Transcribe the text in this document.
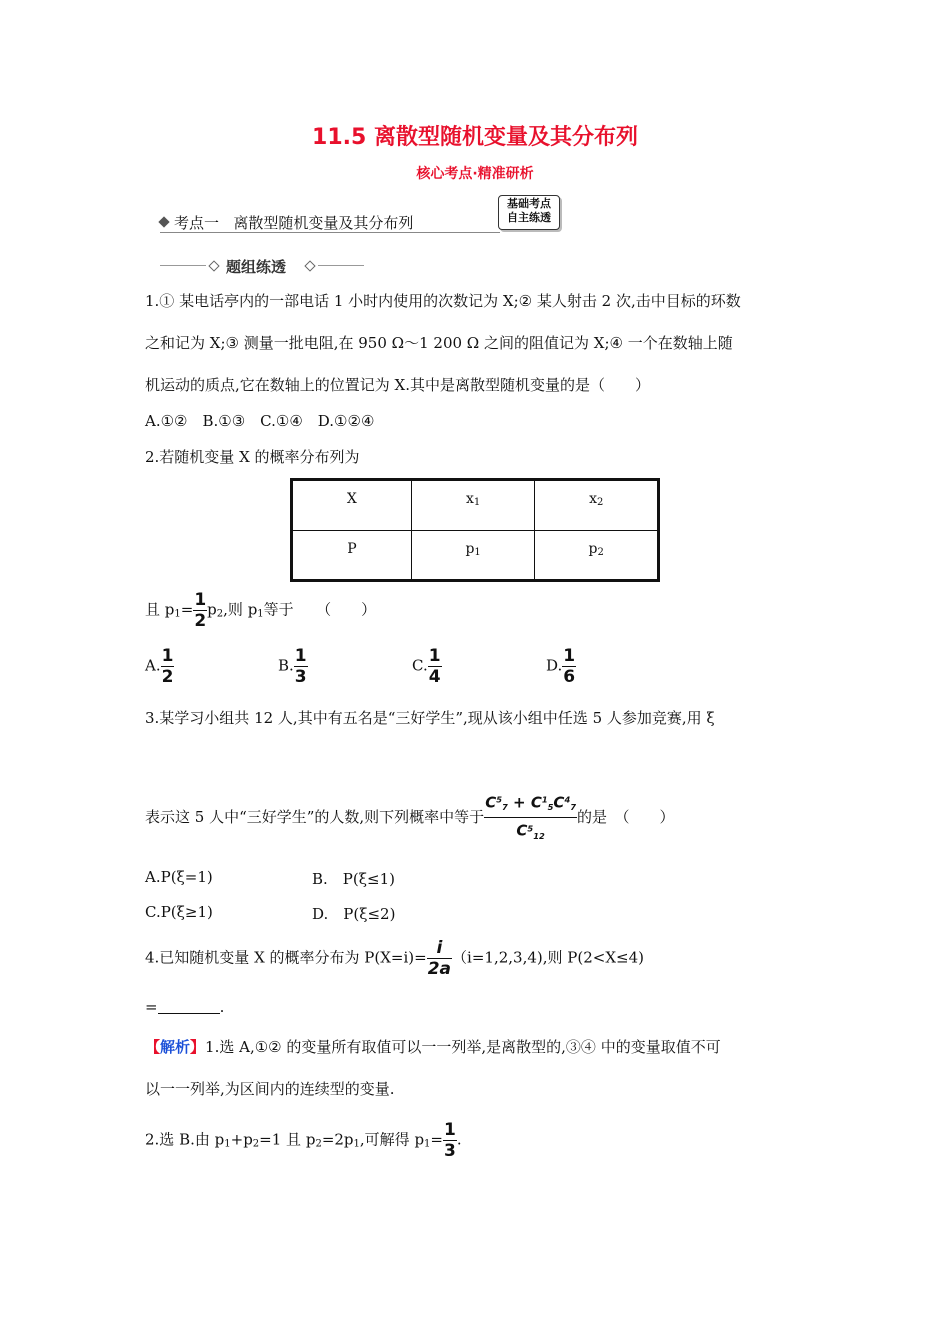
11.5 离散型随机变量及其分布列
核心考点·精准研析
考点一 离散型随机变量及其分布列
基础考点
自主练透
题组练透
1.① 某电话亭内的一部电话 1 小时内使用的次数记为 X;② 某人射击 2 次,击中目标的环数
之和记为 X;③ 测量一批电阻,在 950 Ω～1 200 Ω 之间的阻值记为 X;④ 一个在数轴上随
机运动的质点,它在数轴上的位置记为 X.其中是离散型随机变量的是（　　）
A.①②　B.①③　C.①④　D.①②④
2.若随机变量 X 的概率分布列为
X	$x_1$	$x_2$
P	$p_1$	$p_2$
且 $p_1= \frac{1}{2} p_2$,则 $p_1$等于　　（　　）
A. $\frac{1}{2}$	B. $\frac{1}{3}$	C. $\frac{1}{4}$	D. $\frac{1}{6}$
3.某学习小组共 12 人,其中有五名是“三好学生”,现从该小组中任选 5 人参加竞赛,用 ξ
表示这 5 人中“三好学生”的人数,则下列概率中等于 $\frac{C^5_7 + C^1_5C^4_7}{C^5_{12}}$ 的是　（　　）
A.P(ξ=1)	B.　P(ξ≤1)
C.P(ξ≥1)	D.　P(ξ≤2)
4.已知随机变量 X 的概率分布为 $P(X=i)= \frac{i}{2a} (i=1,2,3,4)$,则 P(2<X≤4)
=	.
【解析】1.选 A,①② 的变量所有取值可以一一列举,是离散型的,③④ 中的变量取值不可
以一一列举,为区间内的连续型的变量.
2.选 B.由 $p_1+p_2=1$ 且 $p_2=2p_1$,可解得 $p_1= \frac{1}{3}$ .
